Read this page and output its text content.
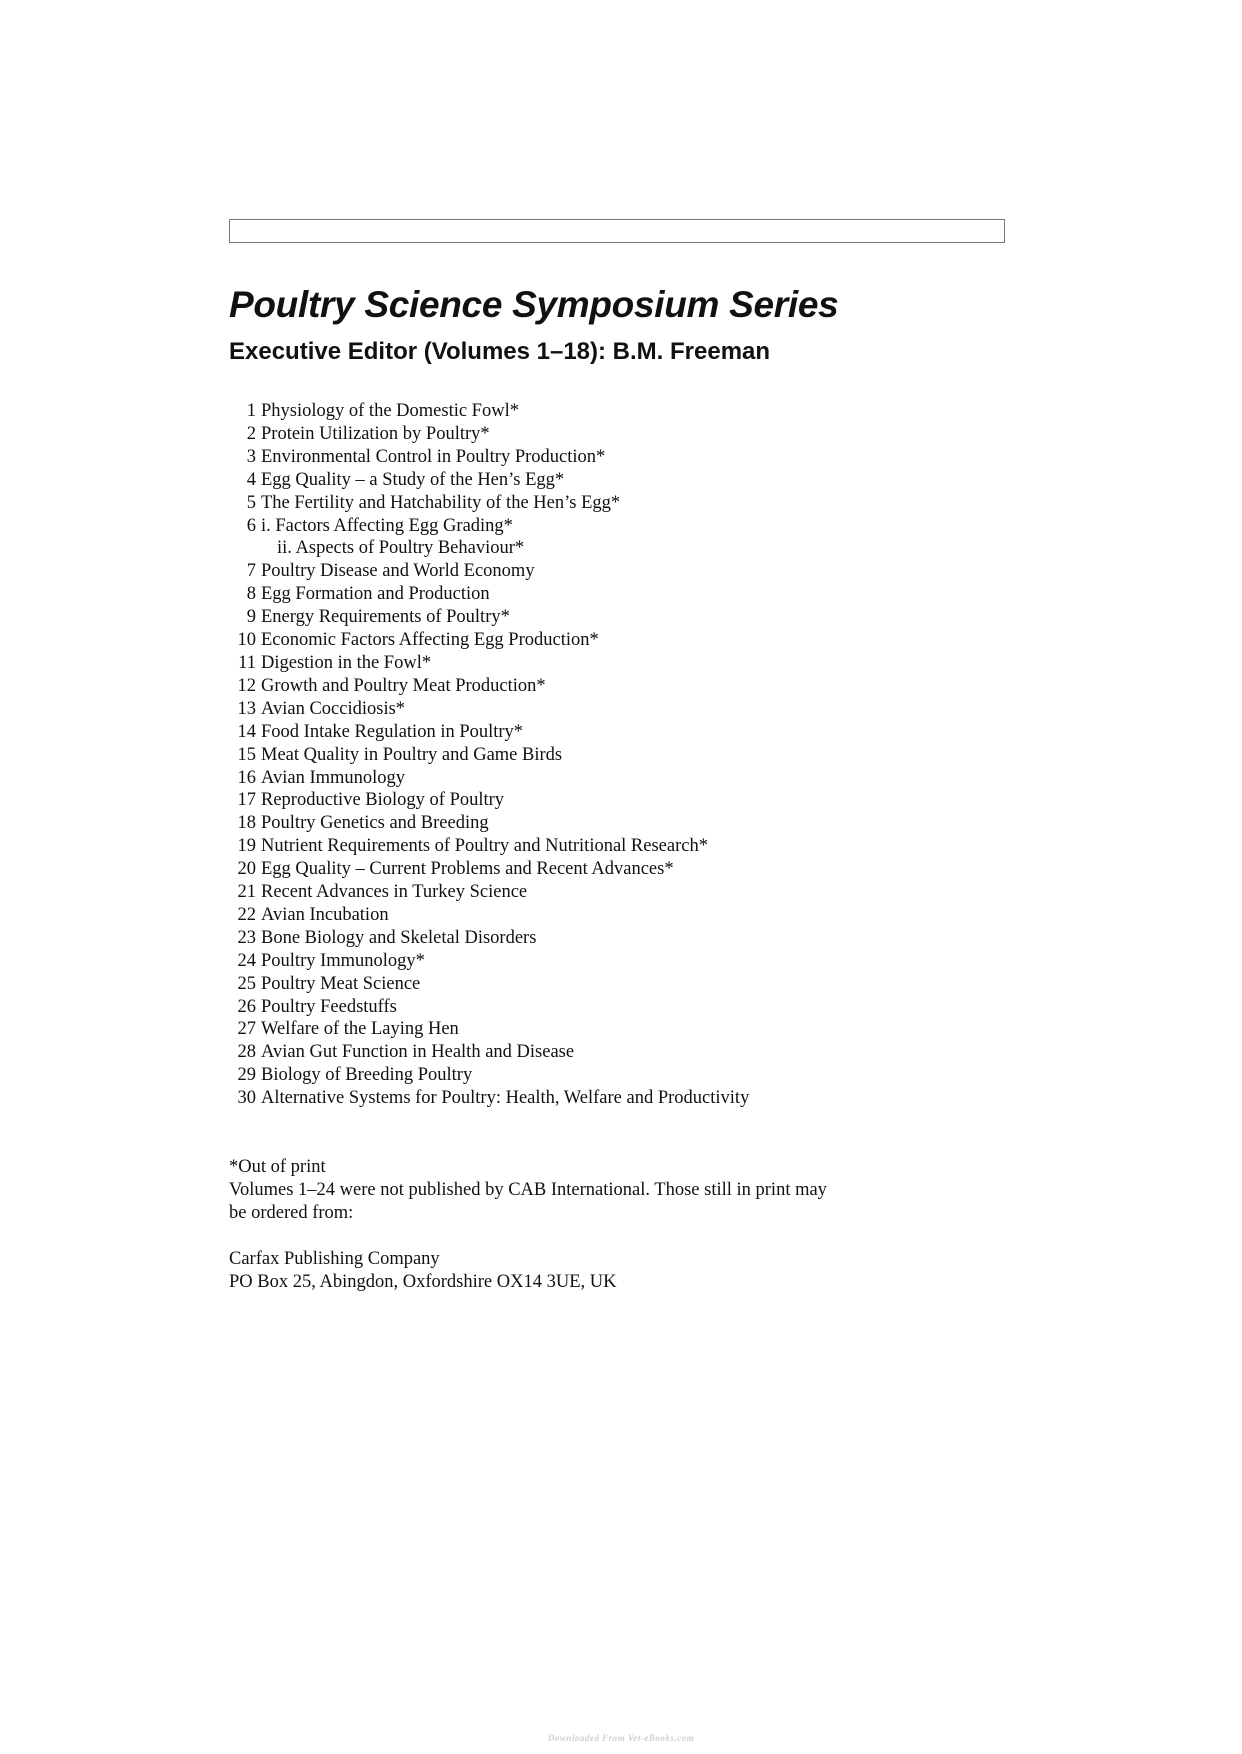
Poultry Science Symposium Series
Executive Editor (Volumes 1–18): B.M. Freeman
1 Physiology of the Domestic Fowl*
2 Protein Utilization by Poultry*
3 Environmental Control in Poultry Production*
4 Egg Quality – a Study of the Hen’s Egg*
5 The Fertility and Hatchability of the Hen’s Egg*
6 i. Factors Affecting Egg Grading*
ii. Aspects of Poultry Behaviour*
7 Poultry Disease and World Economy
8 Egg Formation and Production
9 Energy Requirements of Poultry*
10 Economic Factors Affecting Egg Production*
11 Digestion in the Fowl*
12 Growth and Poultry Meat Production*
13 Avian Coccidiosis*
14 Food Intake Regulation in Poultry*
15 Meat Quality in Poultry and Game Birds
16 Avian Immunology
17 Reproductive Biology of Poultry
18 Poultry Genetics and Breeding
19 Nutrient Requirements of Poultry and Nutritional Research*
20 Egg Quality – Current Problems and Recent Advances*
21 Recent Advances in Turkey Science
22 Avian Incubation
23 Bone Biology and Skeletal Disorders
24 Poultry Immunology*
25 Poultry Meat Science
26 Poultry Feedstuffs
27 Welfare of the Laying Hen
28 Avian Gut Function in Health and Disease
29 Biology of Breeding Poultry
30 Alternative Systems for Poultry: Health, Welfare and Productivity

*Out of print

Volumes 1–24 were not published by CAB International. Those still in print may

be ordered from:

Carfax Publishing Company

PO Box 25, Abingdon, Oxfordshire OX14 3UE, UK

Downloaded From Vet-eBooks.com
